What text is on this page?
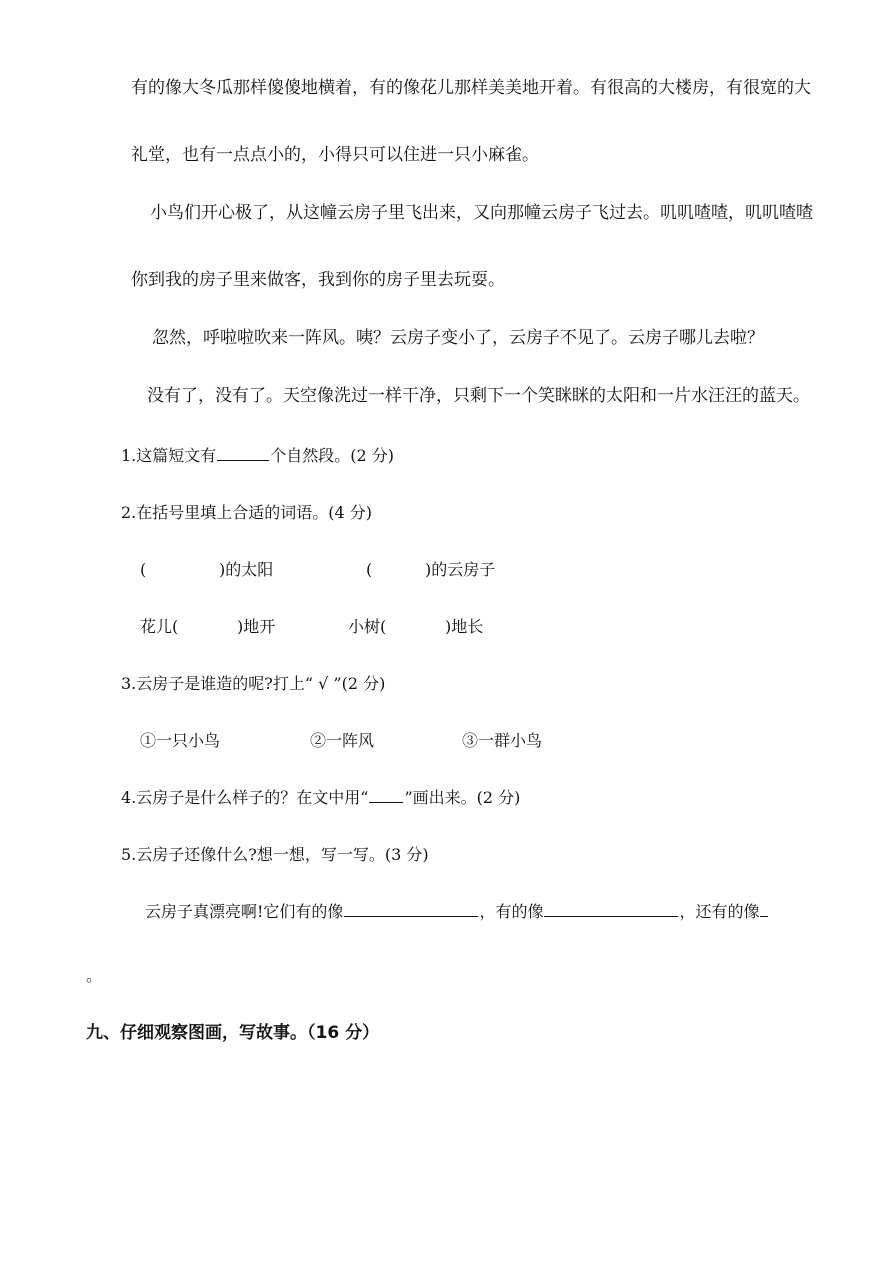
有的像大冬瓜那样傻傻地横着，有的像花儿那样美美地开着。有很高的大楼房，有很宽的大
礼堂，也有一点点小的，小得只可以住进一只小麻雀。
小鸟们开心极了，从这幢云房子里飞出来，又向那幢云房子飞过去。叽叽喳喳，叽叽喳喳
你到我的房子里来做客，我到你的房子里去玩耍。
忽然，呼啦啦吹来一阵风。咦？云房子变小了，云房子不见了。云房子哪儿去啦？
没有了，没有了。天空像洗过一样干净，只剩下一个笑眯眯的太阳和一片水汪汪的蓝天。
1.这篇短文有	个自然段。(2 分)
2.在括号里填上合适的词语。(4 分)
(	)的太阳	(	)的云房子
花儿(	)地开	小树(	)地长
3.云房子是谁造的呢?打上“ √ ”(2 分)
①一只小鸟	②一阵风	③一群小鸟
4.云房子是什么样子的？在文中用“ ”画出来。(2 分)
5.云房子还像什么?想一想，写一写。(3 分)
云房子真漂亮啊!它们有的像	，有的像	，还有的像
。
九、仔细观察图画，写故事。（16 分）
